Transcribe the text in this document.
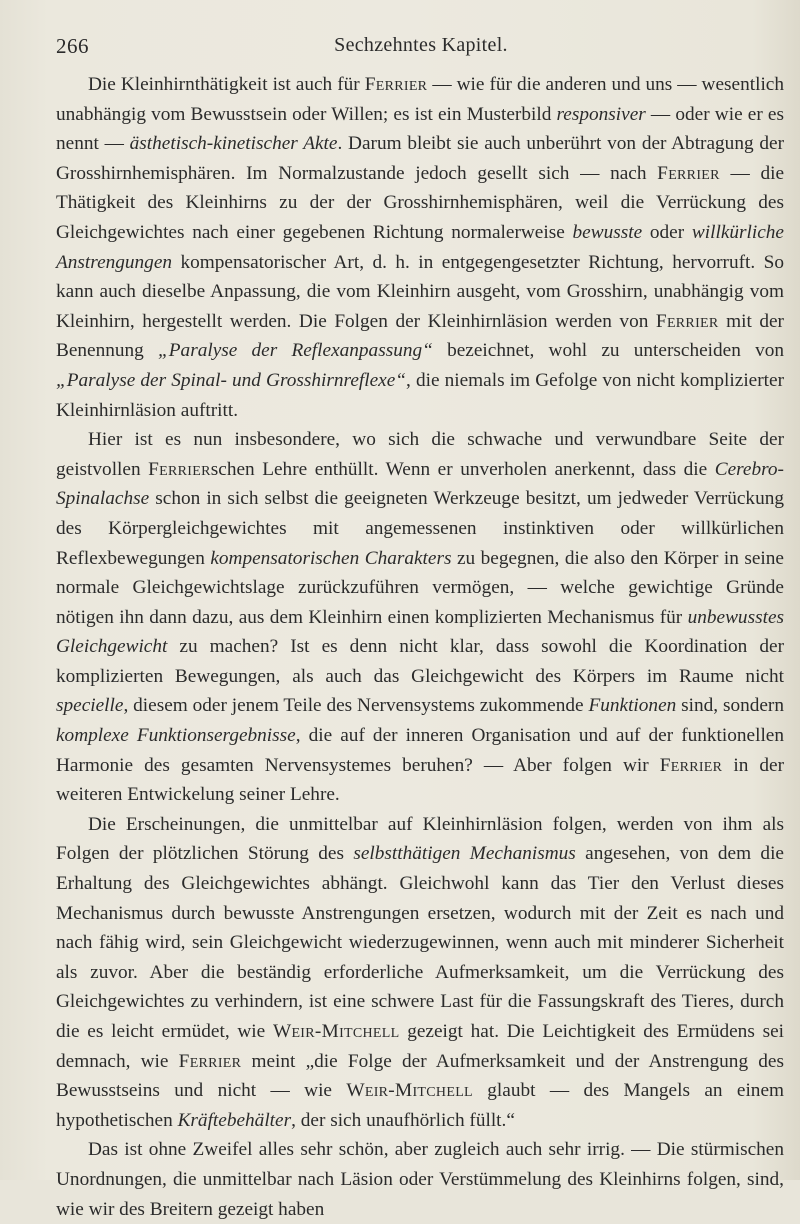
266	Sechzehntes Kapitel.

Die Kleinhirnthätigkeit ist auch für Ferrier — wie für die anderen und uns — wesentlich unabhängig vom Bewusstsein oder Willen; es ist ein Musterbild responsiver — oder wie er es nennt — ästhetisch-kinetischer Akte. Darum bleibt sie auch unberührt von der Abtragung der Grosshirnhemisphären. Im Normalzustande jedoch gesellt sich — nach Ferrier — die Thätigkeit des Kleinhirns zu der der Grosshirnhemisphären, weil die Verrückung des Gleichgewichtes nach einer gegebenen Richtung normalerweise bewusste oder willkürliche Anstrengungen kompensatorischer Art, d. h. in entgegengesetzter Richtung, hervorruft. So kann auch dieselbe Anpassung, die vom Kleinhirn ausgeht, vom Grosshirn, unabhängig vom Kleinhirn, hergestellt werden. Die Folgen der Kleinhirnläsion werden von Ferrier mit der Benennung „Paralyse der Reflexanpassung“ bezeichnet, wohl zu unterscheiden von „Paralyse der Spinal- und Grosshirnreflexe“, die niemals im Gefolge von nicht komplizierter Kleinhirnläsion auftritt.

Hier ist es nun insbesondere, wo sich die schwache und verwundbare Seite der geistvollen Ferrierschen Lehre enthüllt. Wenn er unverholen anerkennt, dass die Cerebro-Spinalachse schon in sich selbst die geeigneten Werkzeuge besitzt, um jedweder Verrückung des Körpergleichgewichtes mit angemessenen instinktiven oder willkürlichen Reflexbewegungen kompensatorischen Charakters zu begegnen, die also den Körper in seine normale Gleichgewichtslage zurückzuführen vermögen, — welche gewichtige Gründe nötigen ihn dann dazu, aus dem Kleinhirn einen komplizierten Mechanismus für unbewusstes Gleichgewicht zu machen? Ist es denn nicht klar, dass sowohl die Koordination der komplizierten Bewegungen, als auch das Gleichgewicht des Körpers im Raume nicht specielle, diesem oder jenem Teile des Nervensystems zukommende Funktionen sind, sondern komplexe Funktionsergebnisse, die auf der inneren Organisation und auf der funktionellen Harmonie des gesamten Nervensystemes beruhen? — Aber folgen wir Ferrier in der weiteren Entwickelung seiner Lehre.

Die Erscheinungen, die unmittelbar auf Kleinhirnläsion folgen, werden von ihm als Folgen der plötzlichen Störung des selbstthätigen Mechanismus angesehen, von dem die Erhaltung des Gleichgewichtes abhängt. Gleichwohl kann das Tier den Verlust dieses Mechanismus durch bewusste Anstrengungen ersetzen, wodurch mit der Zeit es nach und nach fähig wird, sein Gleichgewicht wiederzugewinnen, wenn auch mit minderer Sicherheit als zuvor. Aber die beständig erforderliche Aufmerksamkeit, um die Verrückung des Gleichgewichtes zu verhindern, ist eine schwere Last für die Fassungskraft des Tieres, durch die es leicht ermüdet, wie Weir-Mitchell gezeigt hat. Die Leichtigkeit des Ermüdens sei demnach, wie Ferrier meint „die Folge der Aufmerksamkeit und der Anstrengung des Bewusstseins und nicht — wie Weir-Mitchell glaubt — des Mangels an einem hypothetischen Kräftebehälter, der sich unaufhörlich füllt.“

Das ist ohne Zweifel alles sehr schön, aber zugleich auch sehr irrig. — Die stürmischen Unordnungen, die unmittelbar nach Läsion oder Verstümmelung des Kleinhirns folgen, sind, wie wir des Breitern gezeigt haben
